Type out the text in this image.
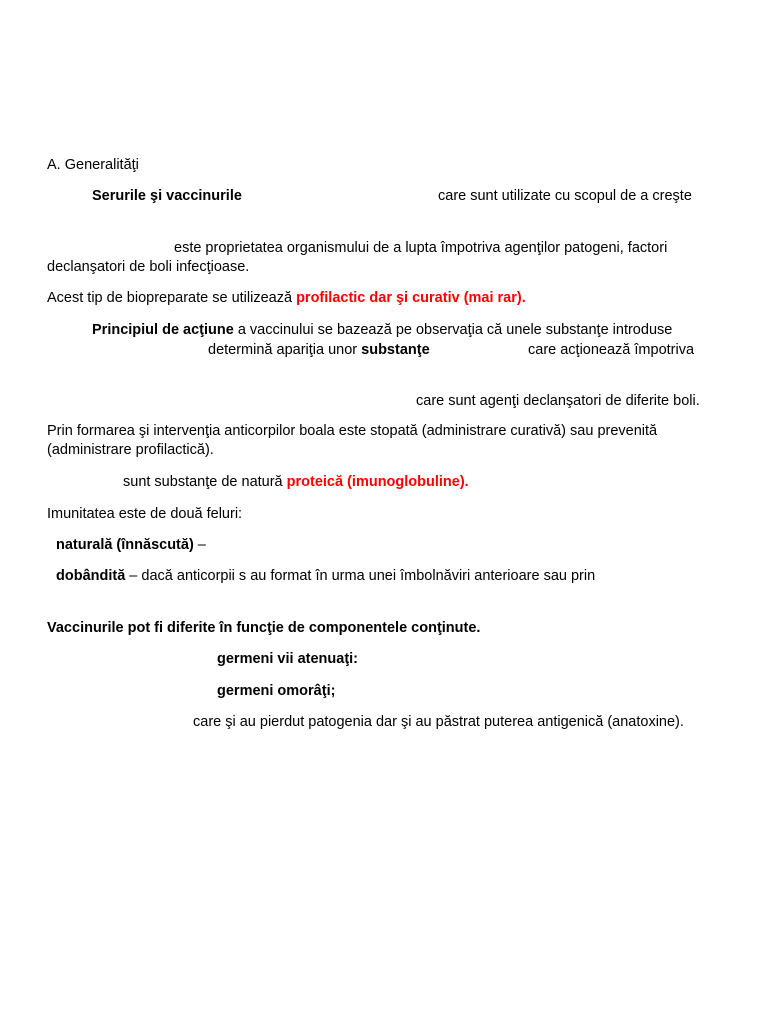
A. Generalităţi
Serurile şi vaccinurile	care sunt utilizate cu scopul de a creşte
este proprietatea organismului de a lupta împotriva agenţilor patogeni, factori
declanşatori de boli infecţioase.
Acest tip de biopreparate se utilizează profilactic dar şi curativ (mai rar).
Principiul de acţiune a vaccinului se bazează pe observaţia că unele substanţe introduse
determină apariţia unor substanţe	care acţionează împotriva
care sunt agenţi declanşatori de diferite boli.
Prin formarea şi intervenţia anticorpilor boala este stopată (administrare curativă) sau prevenită
(administrare profilactică).
sunt substanţe de natură proteică (imunoglobuline).
Imunitatea este de două feluri:
naturală (înnăscută) –
dobândită – dacă anticorpii s au format în urma unei îmbolnăviri anterioare sau prin
Vaccinurile pot fi diferite în funcţie de componentele conţinute.
germeni vii atenuaţi:
germeni omorâţi;
care şi au pierdut patogenia dar şi au păstrat puterea antigenică (anatoxine).
